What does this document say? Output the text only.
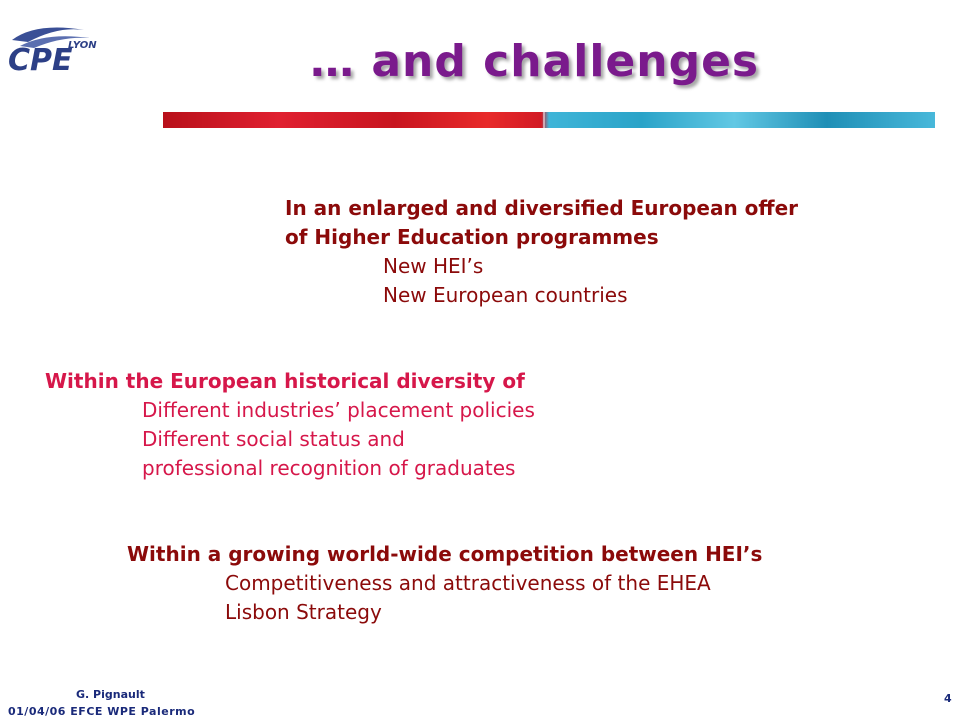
CPE
LYON	… and challenges
In an enlarged and diversified European offer
of Higher Education programmes
New HEI’s
New European countries
Within the European historical diversity of
Different industries’ placement policies
Different social status and
professional recognition of graduates
Within a growing world-wide competition between HEI’s
Competitiveness and attractiveness of the EHEA
Lisbon Strategy
G. Pignault
01/04/06 EFCE WPE Palermo
4
